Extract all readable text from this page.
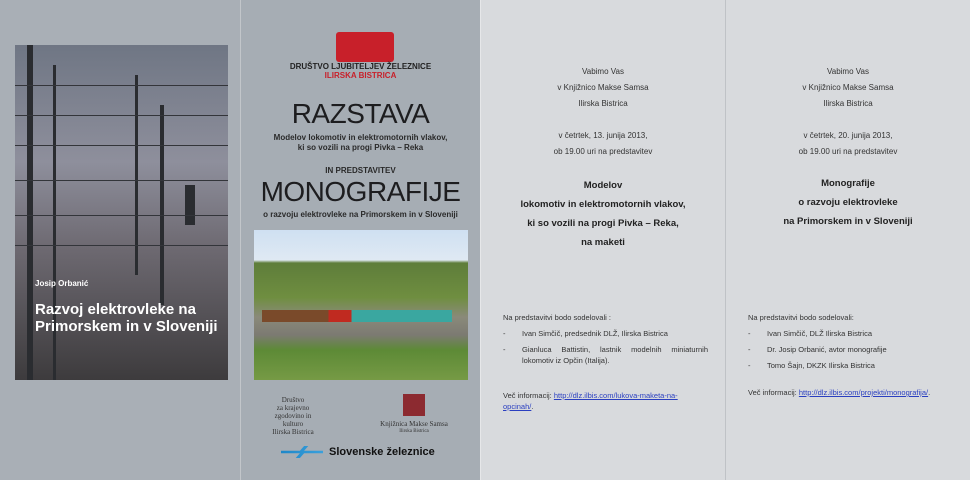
Josip Orbanić
Razvoj elektrovleke na Primorskem in v Sloveniji
DRUŠTVO LJUBITELJEV ŽELEZNICE
ILIRSKA BISTRICA
RAZSTAVA
Modelov lokomotiv in elektromotornih vlakov,
ki so vozili na progi Pivka – Reka
IN PREDSTAVITEV
MONOGRAFIJE
o razvoju elektrovleke na Primorskem in v Sloveniji
Društvo
za krajevno
zgodovino in
kulturo
Ilirska Bistrica
Knjižnica Makse Samsa
Ilirska Bistrica
Slovenske železnice
Vabimo Vas
v Knjižnico Makse Samsa
Ilirska Bistrica
v četrtek, 13. junija 2013,
ob 19.00 uri na predstavitev
Modelov
lokomotiv in elektromotornih vlakov,
ki so vozili na progi Pivka – Reka,
na maketi
Na predstavitvi bodo sodelovali :
- Ivan Simčič, predsednik DLŽ, Ilirska Bistrica
- Gianluca Battistin, lastnik modelnih miniaturnih lokomotiv iz Opčin (Italija).
Več informacij: http://dlz.ilbis.com/lukova-maketa-na-opcinah/.
Vabimo Vas
v Knjižnico Makse Samsa
Ilirska Bistrica
v četrtek, 20. junija 2013,
ob 19.00 uri na predstavitev
Monografije
o razvoju elektrovleke
na Primorskem in v Sloveniji
Na predstavitvi bodo sodelovali:
- Ivan Simčič, DLŽ Ilirska Bistrica
- Dr. Josip Orbanić, avtor monografije
- Tomo Šajn, DKZK Ilirska Bistrica
Več informacij: http://dlz.ilbis.com/projekti/monografija/.
